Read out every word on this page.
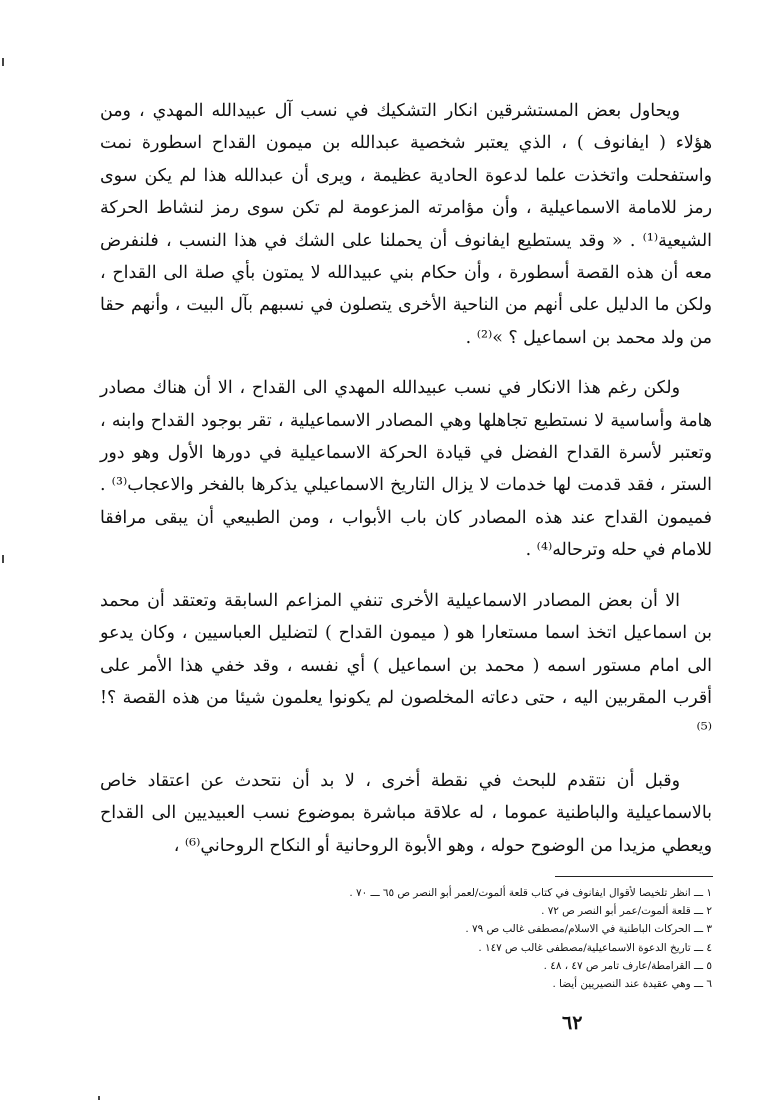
ويحاول بعض المستشرقين انكار التشكيك في نسب آل عبيدالله المهدي ، ومن هؤلاء ( ايفانوف ) ، الذي يعتبر شخصية عبدالله بن ميمون القداح اسطورة نمت واستفحلت واتخذت علما لدعوة الحادية عظيمة ، ويرى أن عبدالله هذا لم يكن سوى رمز للامامة الاسماعيلية ، وأن مؤامرته المزعومة لم تكن سوى رمز لنشاط الحركة الشيعية⁽¹⁾ . « وقد يستطيع ايفانوف أن يحملنا على الشك في هذا النسب ، فلنفرض معه أن هذه القصة أسطورة ، وأن حكام بني عبيدالله لا يمتون بأي صلة الى القداح ، ولكن ما الدليل على أنهم من الناحية الأخرى يتصلون في نسبهم بآل البيت ، وأنهم حقا من ولد محمد بن اسماعيل ؟ »⁽²⁾ .

ولكن رغم هذا الانكار في نسب عبيدالله المهدي الى القداح ، الا أن هناك مصادر هامة وأساسية لا نستطيع تجاهلها وهي المصادر الاسماعيلية ، تقر بوجود القداح وابنه ، وتعتبر لأسرة القداح الفضل في قيادة الحركة الاسماعيلية في دورها الأول وهو دور الستر ، فقد قدمت لها خدمات لا يزال التاريخ الاسماعيلي يذكرها بالفخر والاعجاب⁽³⁾ . فميمون القداح عند هذه المصادر كان باب الأبواب ، ومن الطبيعي أن يبقى مرافقا للامام في حله وترحاله⁽⁴⁾ .

الا أن بعض المصادر الاسماعيلية الأخرى تنفي المزاعم السابقة وتعتقد أن محمد بن اسماعيل اتخذ اسما مستعارا هو ( ميمون القداح ) لتضليل العباسيين ، وكان يدعو الى امام مستور اسمه ( محمد بن اسماعيل ) أي نفسه ، وقد خفي هذا الأمر على أقرب المقربين اليه ، حتى دعاته المخلصون لم يكونوا يعلمون شيئا من هذه القصة ؟!⁽⁵⁾

وقبل أن نتقدم للبحث في نقطة أخرى ، لا بد أن نتحدث عن اعتقاد خاص بالاسماعيلية والباطنية عموما ، له علاقة مباشرة بموضوع نسب العبيديين الى القداح ويعطي مزيدا من الوضوح حوله ، وهو الأبوة الروحانية أو النكاح الروحاني⁽⁶⁾ ،

١ ـــ انظر تلخيصا لأقوال ايفانوف في كتاب قلعة ألموت/لعمر أبو النصر ص ٦٥ ـــ ٧٠ .

٢ ـــ قلعة ألموت/عمر أبو النصر ص ٧٢ .

٣ ـــ الحركات الباطنية في الاسلام/مصطفى غالب ص ٧٩ .

٤ ـــ تاريخ الدعوة الاسماعيلية/مصطفى غالب ص ١٤٧ .

٥ ـــ القرامطة/عارف تامر ص ٤٧ ، ٤٨ .

٦ ـــ وهي عقيدة عند النصيريين أيضا .

٦٢
